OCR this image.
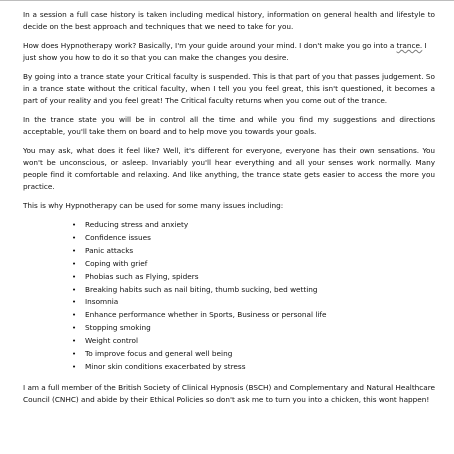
In a session a full case history is taken including medical history, information on general health and lifestyle to decide on the best approach and techniques that we need to take for you.

How does Hypnotherapy work? Basically, I'm your guide around your mind. I don't make you go into a trance. I just show you how to do it so that you can make the changes you desire.

By going into a trance state your Critical faculty is suspended. This is that part of you that passes judgement. So in a trance state without the critical faculty, when I tell you you feel great, this isn't questioned, it becomes a part of your reality and you feel great! The Critical faculty returns when you come out of the trance.

In the trance state you will be in control all the time and while you find my suggestions and directions acceptable, you'll take them on board and to help move you towards your goals.

You may ask, what does it feel like? Well, it's different for everyone, everyone has their own sensations. You won't be unconscious, or asleep. Invariably you'll hear everything and all your senses work normally. Many people find it comfortable and relaxing. And like anything, the trance state gets easier to access the more you practice.

This is why Hypnotherapy can be used for some many issues including:

• Reducing stress and anxiety
• Confidence issues
• Panic attacks
• Coping with grief
• Phobias such as Flying, spiders
• Breaking habits such as nail biting, thumb sucking, bed wetting
• Insomnia
• Enhance performance whether in Sports, Business or personal life
• Stopping smoking
• Weight control
• To improve focus and general well being
• Minor skin conditions exacerbated by stress

I am a full member of the British Society of Clinical Hypnosis (BSCH) and Complementary and Natural Healthcare Council (CNHC) and abide by their Ethical Policies so don't ask me to turn you into a chicken, this wont happen!
